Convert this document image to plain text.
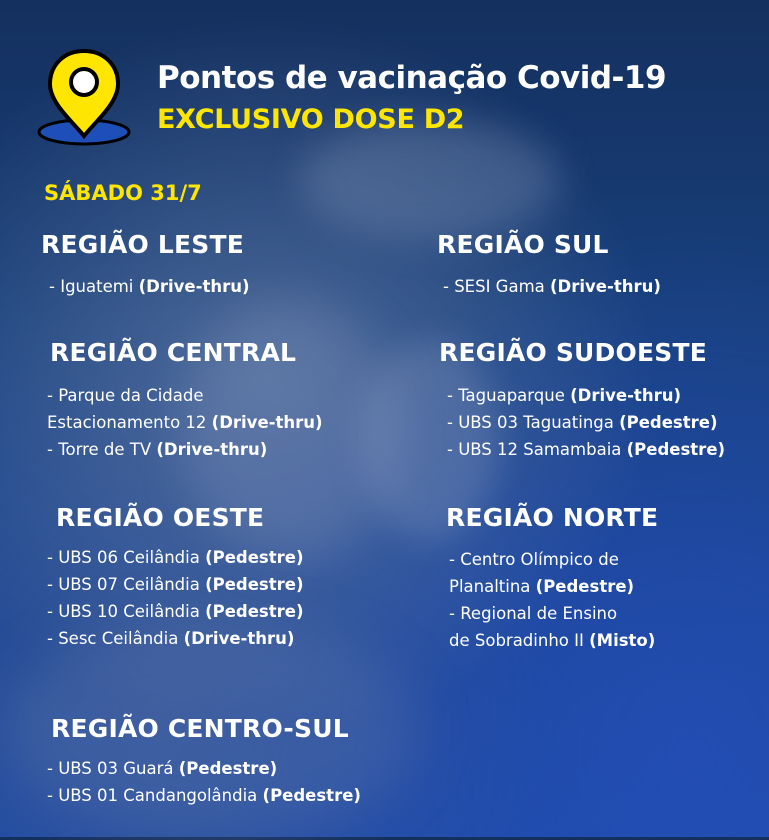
Pontos de vacinação Covid-19
EXCLUSIVO DOSE D2
SÁBADO 31/7
REGIÃO LESTE
- Iguatemi (Drive-thru)
REGIÃO SUL
- SESI Gama (Drive-thru)
REGIÃO CENTRAL
- Parque da Cidade
Estacionamento 12 (Drive-thru)
- Torre de TV (Drive-thru)
REGIÃO SUDOESTE
- Taguaparque (Drive-thru)
- UBS 03 Taguatinga (Pedestre)
- UBS 12 Samambaia (Pedestre)
REGIÃO OESTE
- UBS 06 Ceilândia (Pedestre)
- UBS 07 Ceilândia (Pedestre)
- UBS 10 Ceilândia (Pedestre)
- Sesc Ceilândia (Drive-thru)
REGIÃO NORTE
- Centro Olímpico de
Planaltina (Pedestre)
- Regional de Ensino
de Sobradinho II (Misto)
REGIÃO CENTRO-SUL
- UBS 03 Guará (Pedestre)
- UBS 01 Candangolândia (Pedestre)
